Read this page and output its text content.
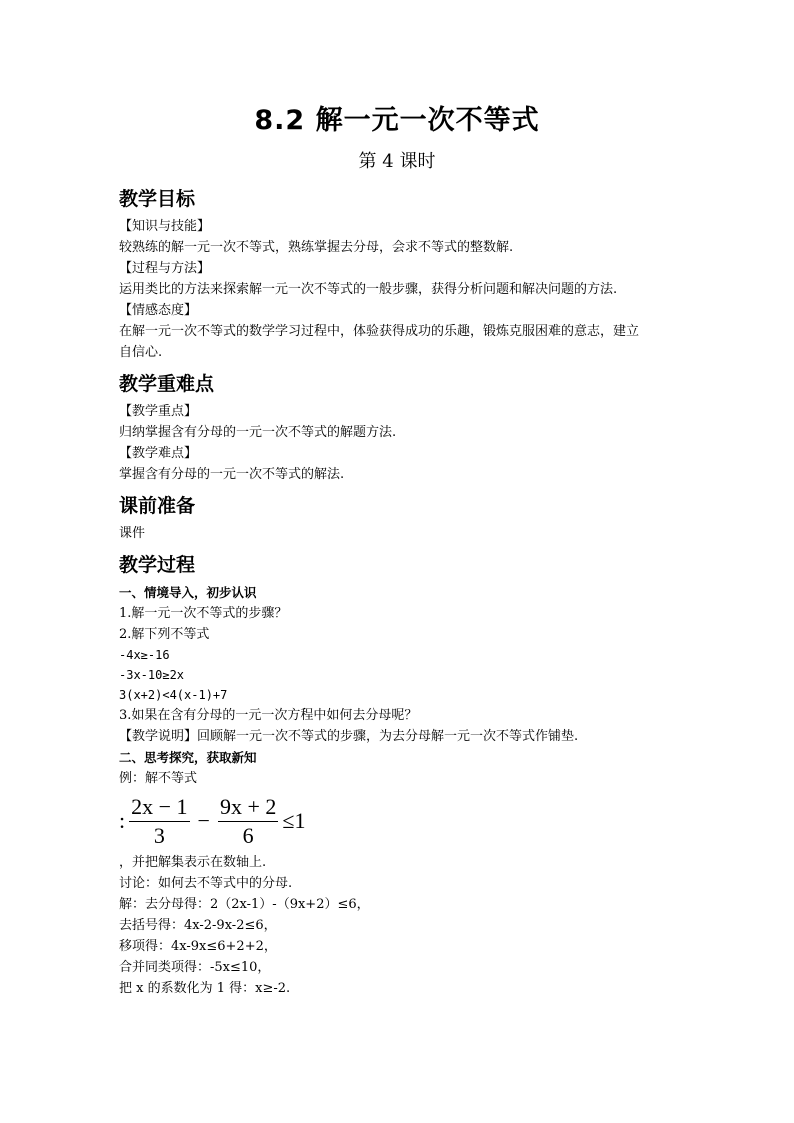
8.2 解一元一次不等式
第 4 课时
教学目标

【知识与技能】

较熟练的解一元一次不等式，熟练掌握去分母，会求不等式的整数解.

【过程与方法】

运用类比的方法来探索解一元一次不等式的一般步骤，获得分析问题和解决问题的方法.

【情感态度】

在解一元一次不等式的数学学习过程中，体验获得成功的乐趣，锻炼克服困难的意志，建立

自信心.

教学重难点

【教学重点】

归纳掌握含有分母的一元一次不等式的解题方法.

【教学难点】

掌握含有分母的一元一次不等式的解法.

课前准备

课件

教学过程

一、情境导入，初步认识

1.解一元一次不等式的步骤？

2.解下列不等式

-4x≥-16

-3x-10≥2x

3(x+2)<4(x-1)+7

3.如果在含有分母的一元一次方程中如何去分母呢？

【教学说明】回顾解一元一次不等式的步骤，为去分母解一元一次不等式作铺垫.

二、思考探究，获取新知

例：解不等式

: $\frac{2x - 1}{3} - \frac{9x + 2}{6} \le 1$

，并把解集表示在数轴上.

讨论：如何去不等式中的分母.

解：去分母得：2（2x-1）-（9x+2）≤6，

去括号得：4x-2-9x-2≤6，

移项得：4x-9x≤6+2+2，

合并同类项得：-5x≤10，

把 x 的系数化为 1 得：x≥-2.
